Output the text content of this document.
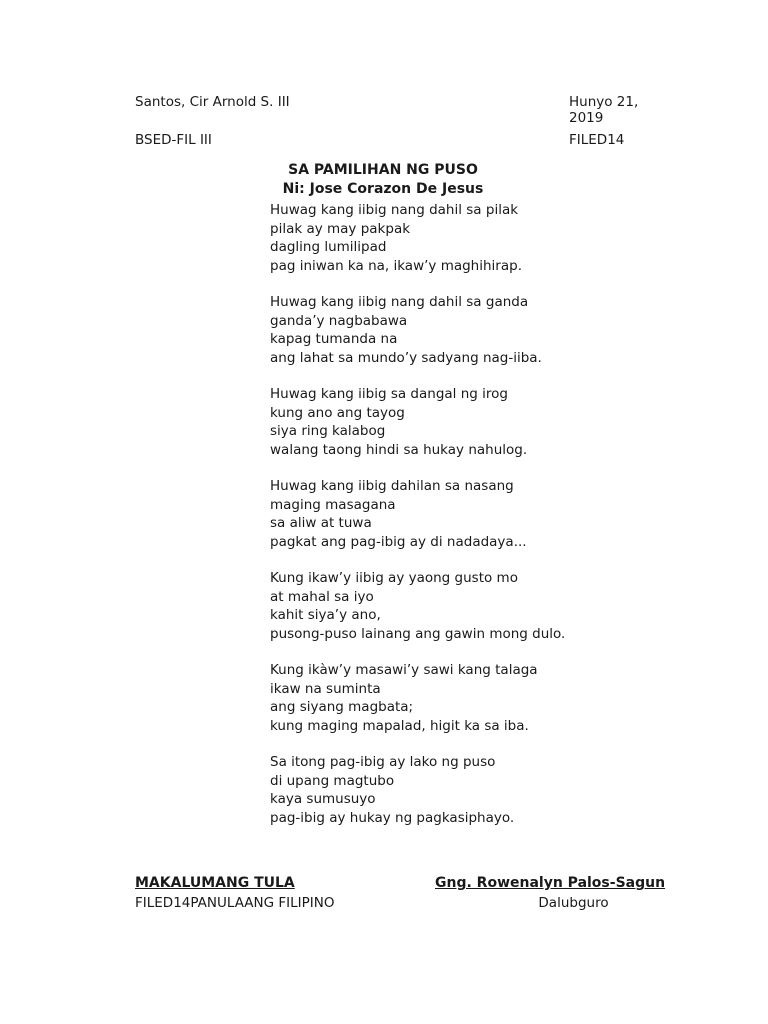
Santos, Cir Arnold S. III	Hunyo 21, 2019
BSED-FIL III	FILED14
SA PAMILIHAN NG PUSO
Ni: Jose Corazon De Jesus
Huwag kang iibig nang dahil sa pilak
pilak ay may pakpak
dagling lumilipad
pag iniwan ka na, ikaw’y maghihirap.
Huwag kang iibig nang dahil sa ganda
ganda’y nagbabawa
kapag tumanda na
ang lahat sa mundo’y sadyang nag-iiba.
Huwag kang iibig sa dangal ng irog
kung ano ang tayog
siya ring kalabog
walang taong hindi sa hukay nahulog.
Huwag kang iibig dahilan sa nasang
maging masagana
sa aliw at tuwa
pagkat ang pag-ibig ay di nadadaya...
Kung ikaw’y iibig ay yaong gusto mo
at mahal sa iyo
kahit siya’y ano,
pusong-puso lainang ang gawin mong dulo.
Kung ikàw’y masawi’y sawi kang talaga
ikaw na suminta
ang siyang magbata;
kung maging mapalad, higit ka sa iba.
Sa itong pag-ibig ay lako ng puso
di upang magtubo
kaya sumusuyo
pag-ibig ay hukay ng pagkasiphayo.
MAKALUMANG TULA
FILED14PANULAANG FILIPINO
Gng. Rowenalyn Palos-Sagun
Dalubguro
